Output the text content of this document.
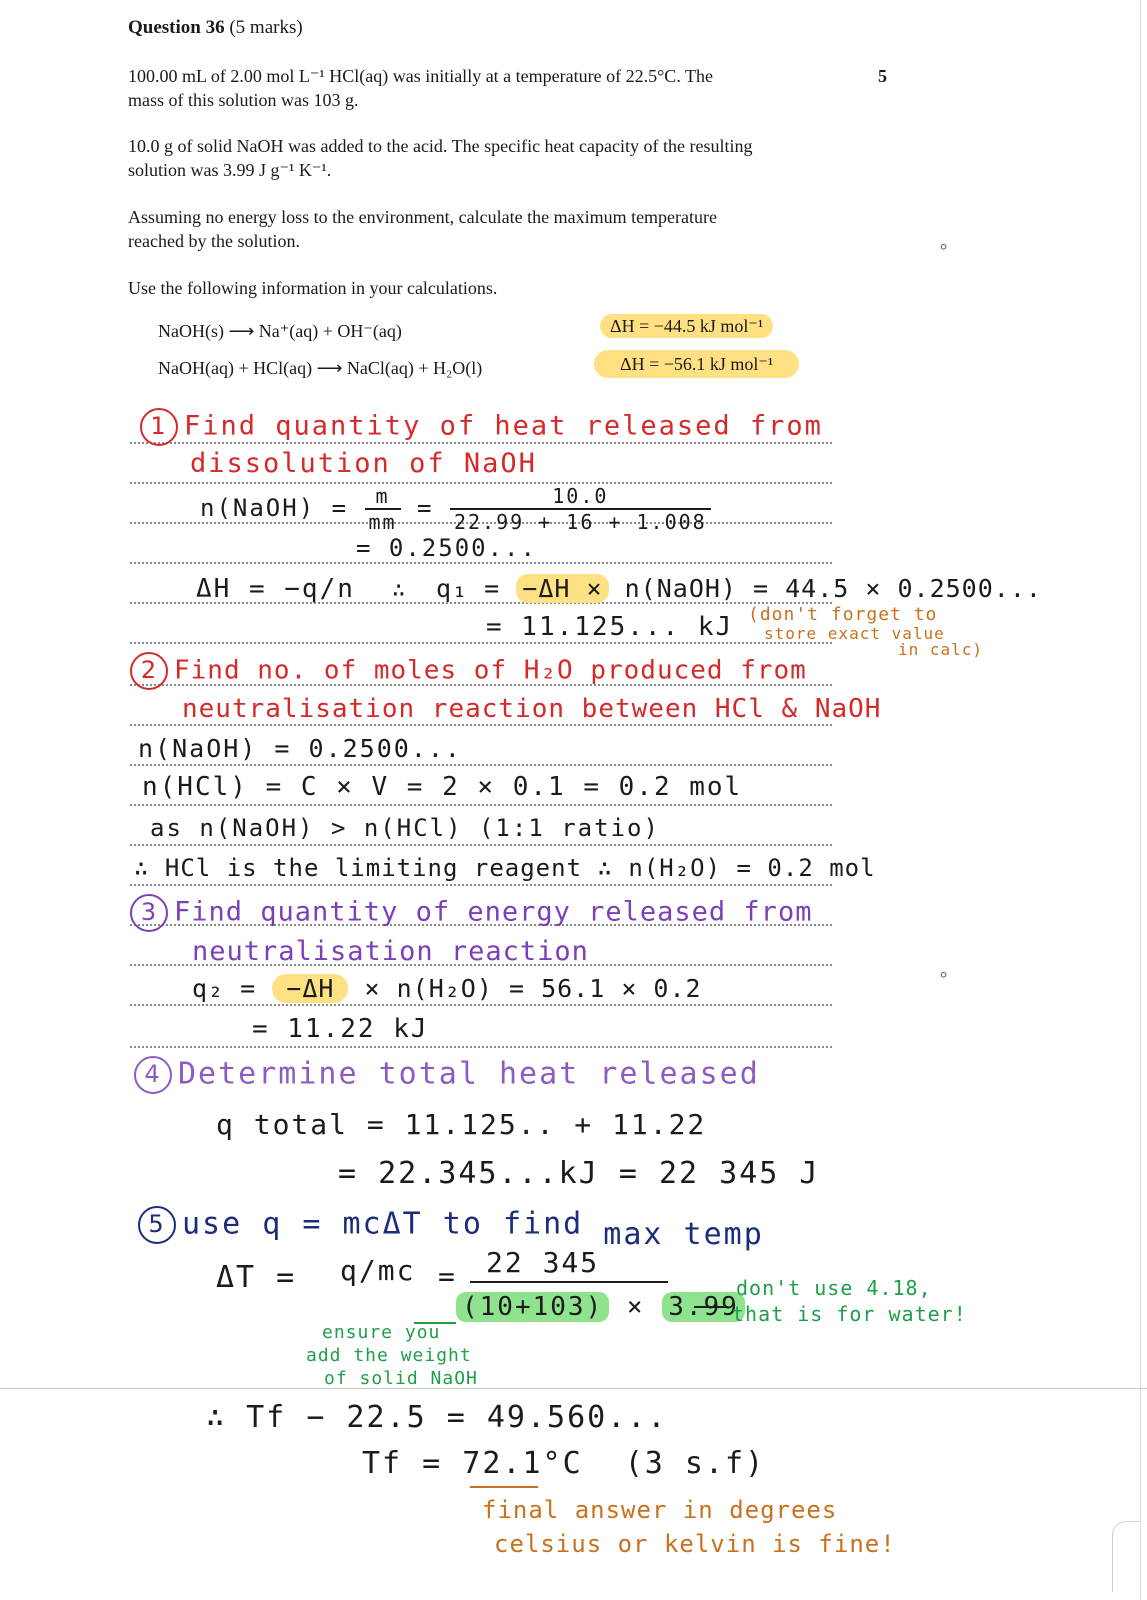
Question 36 (5 marks)
5
100.00 mL of 2.00 mol L⁻¹ HCl(aq) was initially at a temperature of 22.5°C. The
mass of this solution was 103 g.
10.0 g of solid NaOH was added to the acid. The specific heat capacity of the resulting
solution was 3.99 J g⁻¹ K⁻¹.
Assuming no energy loss to the environment, calculate the maximum temperature
reached by the solution.
Use the following information in your calculations.
NaOH(s) ⟶ Na⁺(aq) + OH⁻(aq)	ΔH = −44.5 kJ mol⁻¹
NaOH(aq) + HCl(aq) ⟶ NaCl(aq) + H₂O(l)	ΔH = −56.1 kJ mol⁻¹
°
°
1 Find quantity of heat released from
dissolution of NaOH
n(NaOH) = $\frac{m}{mm} = \frac{10.0}{22.99 + 16 + 1.008}$
= 0.2500...
ΔH = −q/n ∴ q₁ = −ΔH × n(NaOH) = 44.5 × 0.2500...
= 11.125... kJ (don't forget to
store exact value
in calc)
2 Find no. of moles of H₂O produced from
neutralisation reaction between HCl & NaOH
n(NaOH) = 0.2500...
n(HCl) = C × V = 2 × 0.1 = 0.2 mol
as n(NaOH) > n(HCl) (1:1 ratio)
∴ HCl is the limiting reagent ∴ n(H₂O) = 0.2 mol
3 Find quantity of energy released from
neutralisation reaction
q₂ = −ΔH × n(H₂O) = 56.1 × 0.2
= 11.22 kJ
4 Determine total heat released
q total = 11.125.. + 11.22
= 22.345...kJ = 22 345 J
5 use q = mcΔT to find max temp
ΔT = q/mc = 22 345
(10+103) × 3.99
don't use 4.18,
that is for water!
ensure you
add the weight
of solid NaOH
∴ Tf − 22.5 = 49.560...
Tf = 72.1°C (3 s.f)
final answer in degrees
celsius or kelvin is fine!
